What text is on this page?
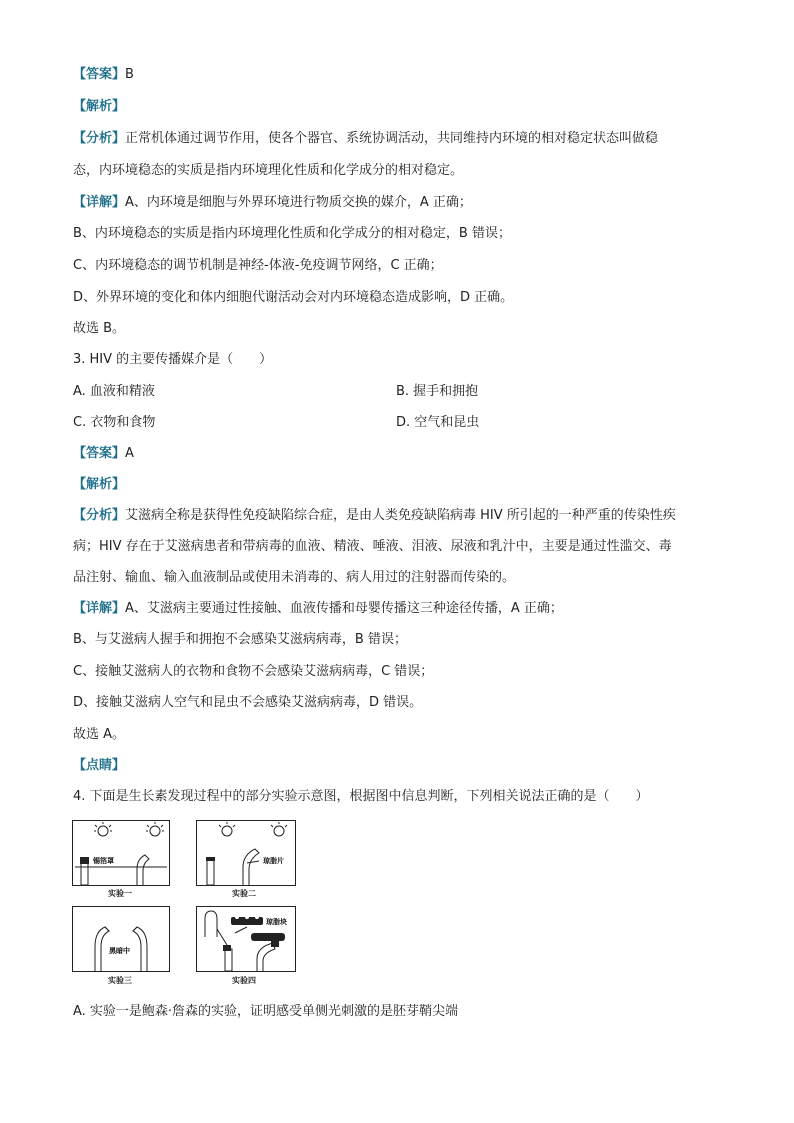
【答案】B
【解析】
【分析】正常机体通过调节作用，使各个器官、系统协调活动，共同维持内环境的相对稳定状态叫做稳
态，内环境稳态的实质是指内环境理化性质和化学成分的相对稳定。
【详解】A、内环境是细胞与外界环境进行物质交换的媒介，A 正确；
B、内环境稳态的实质是指内环境理化性质和化学成分的相对稳定，B 错误；
C、内环境稳态的调节机制是神经-体液-免疫调节网络，C 正确；
D、外界环境的变化和体内细胞代谢活动会对内环境稳态造成影响，D 正确。
故选 B。
3. HIV 的主要传播媒介是（　　）
A. 血液和精液	B. 握手和拥抱
C. 衣物和食物	D. 空气和昆虫
【答案】A
【解析】
【分析】艾滋病全称是获得性免疫缺陷综合症，是由人类免疫缺陷病毒 HIV 所引起的一种严重的传染性疾
病；HIV 存在于艾滋病患者和带病毒的血液、精液、唾液、泪液、尿液和乳汁中，主要是通过性滥交、毒
品注射、输血、输入血液制品或使用未消毒的、病人用过的注射器而传染的。
【详解】A、艾滋病主要通过性接触、血液传播和母婴传播这三种途径传播，A 正确；
B、与艾滋病人握手和拥抱不会感染艾滋病病毒，B 错误；
C、接触艾滋病人的衣物和食物不会感染艾滋病病毒，C 错误；
D、接触艾滋病人空气和昆虫不会感染艾滋病病毒，D 错误。
故选 A。
【点睛】
4. 下面是生长素发现过程中的部分实验示意图，根据图中信息判断，下列相关说法正确的是（　　）
锡箔罩
实验一
琼脂片
实验二
黑暗中
实验三
琼脂块
实验四
A. 实验一是鲍森·詹森的实验，证明感受单侧光刺激的是胚芽鞘尖端
